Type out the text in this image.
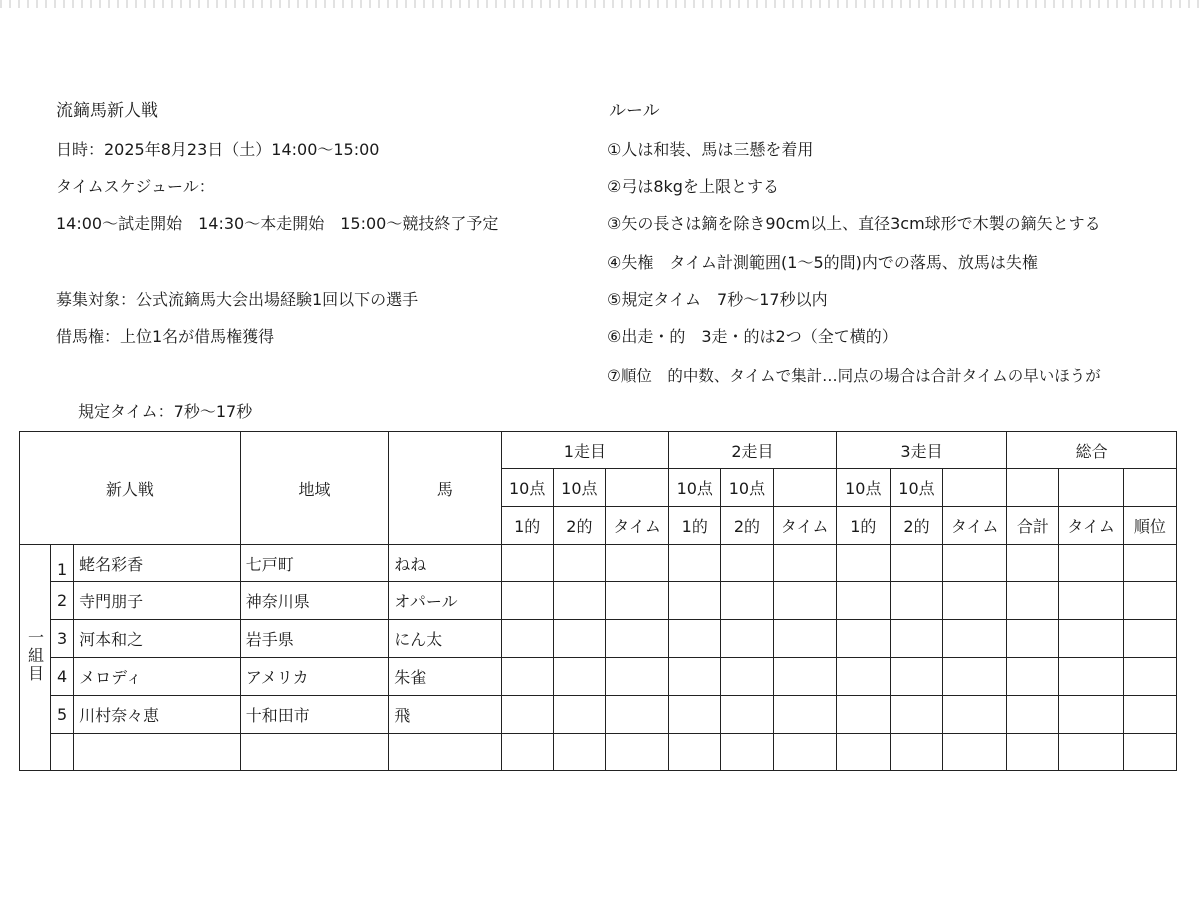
流鏑馬新人戦
日時：2025年8月23日（土）14:00～15:00
タイムスケジュール：
14:00～試走開始　14:30～本走開始　15:00～競技終了予定
募集対象：公式流鏑馬大会出場経験1回以下の選手
借馬権：上位1名が借馬権獲得
ルール
①人は和装、馬は三懸を着用
②弓は8kgを上限とする
③矢の長さは鏑を除き90cm以上、直径3cm球形で木製の鏑矢とする
④失権　タイム計測範囲(1～5的間)内での落馬、放馬は失権
⑤規定タイム　7秒～17秒以内
⑥出走・的　3走・的は2つ（全て横的）
⑦順位　的中数、タイムで集計…同点の場合は合計タイムの早いほうが
規定タイム：7秒～17秒
新人戦			地域	馬	1走目			2走目			3走目			総合		
					10点	10点		10点	10点		10点	10点				
					1的	2的	タイム	1的	2的	タイム	1的	2的	タイム	合計	タイム	順位
一組目	1	蛯名彩香	七戸町	ねね												
	2	寺門朋子	神奈川県	オパール												
	3	河本和之	岩手県	にん太												
	4	メロディ	アメリカ	朱雀												
	5	川村奈々恵	十和田市	飛												
